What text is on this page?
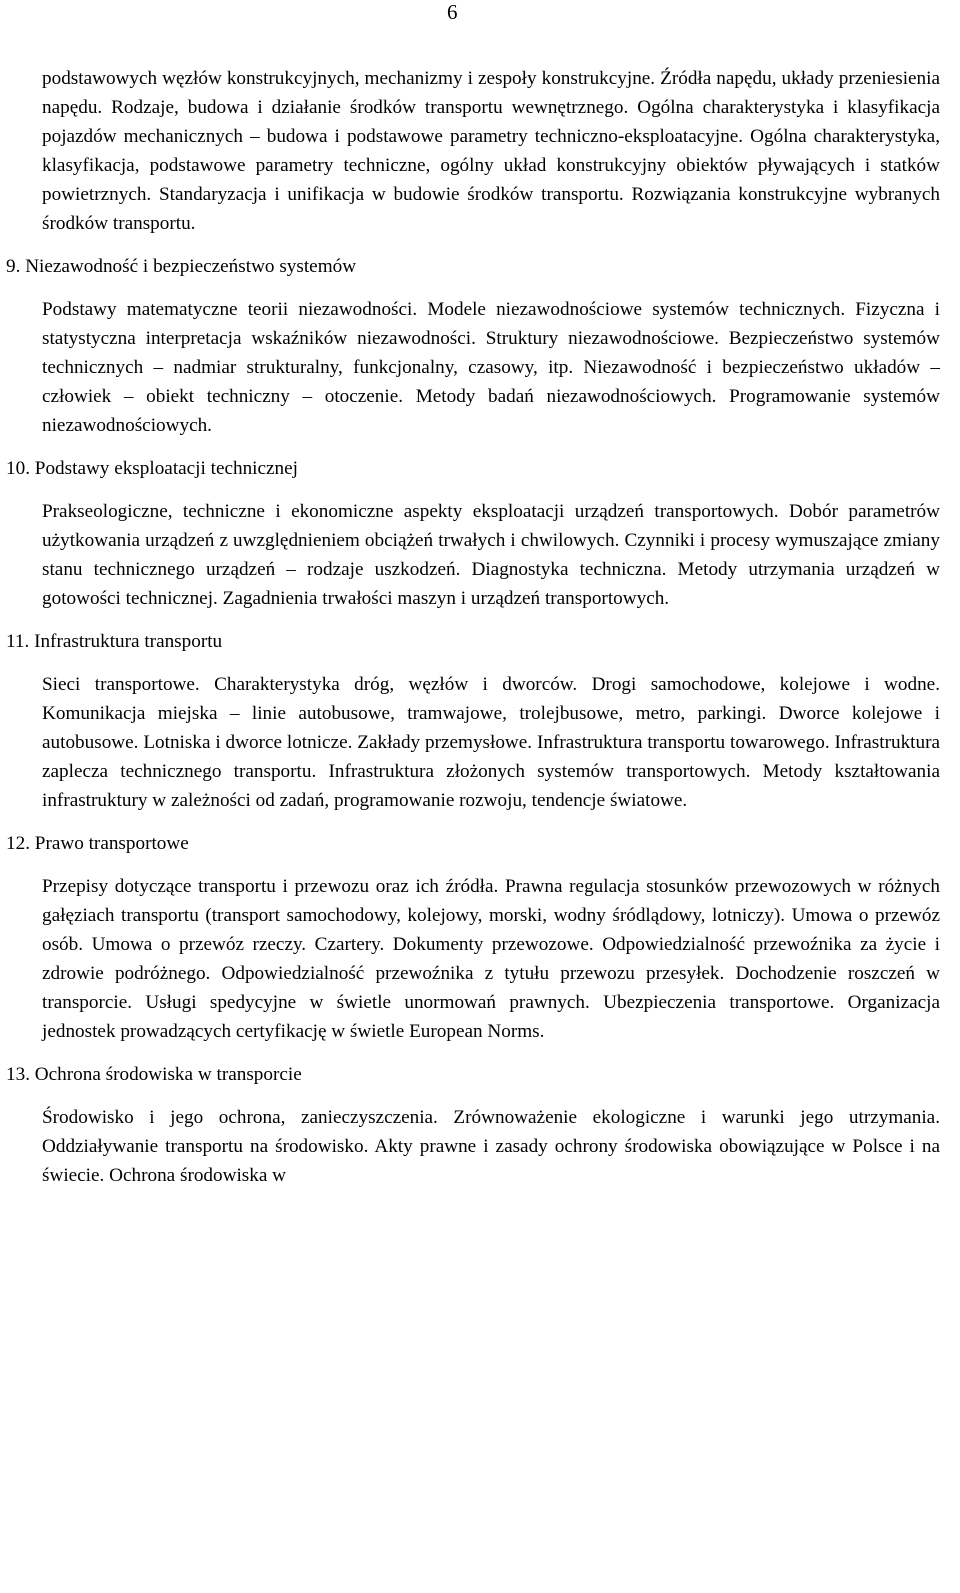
6

podstawowych węzłów konstrukcyjnych, mechanizmy i zespoły konstrukcyjne. Źródła napędu, układy przeniesienia napędu. Rodzaje, budowa i działanie środków transportu wewnętrznego. Ogólna charakterystyka i klasyfikacja pojazdów mechanicznych – budowa i podstawowe parametry techniczno-eksploatacyjne. Ogólna charakterystyka, klasyfikacja, podstawowe parametry techniczne, ogólny układ konstrukcyjny obiektów pływających i statków powietrznych. Standaryzacja i unifikacja w budowie środków transportu. Rozwiązania konstrukcyjne wybranych środków transportu.

9. Niezawodność i bezpieczeństwo systemów

Podstawy matematyczne teorii niezawodności. Modele niezawodnościowe systemów technicznych. Fizyczna i statystyczna interpretacja wskaźników niezawodności. Struktury niezawodnościowe. Bezpieczeństwo systemów technicznych – nadmiar strukturalny, funkcjonalny, czasowy, itp. Niezawodność i bezpieczeństwo układów – człowiek – obiekt techniczny – otoczenie. Metody badań niezawodnościowych. Programowanie systemów niezawodnościowych.

10. Podstawy eksploatacji technicznej

Prakseologiczne, techniczne i ekonomiczne aspekty eksploatacji urządzeń transportowych. Dobór parametrów użytkowania urządzeń z uwzględnieniem obciążeń trwałych i chwilowych. Czynniki i procesy wymuszające zmiany stanu technicznego urządzeń – rodzaje uszkodzeń. Diagnostyka techniczna. Metody utrzymania urządzeń w gotowości technicznej. Zagadnienia trwałości maszyn i urządzeń transportowych.

11. Infrastruktura transportu

Sieci transportowe. Charakterystyka dróg, węzłów i dworców. Drogi samochodowe, kolejowe i wodne. Komunikacja miejska – linie autobusowe, tramwajowe, trolejbusowe, metro, parkingi. Dworce kolejowe i autobusowe. Lotniska i dworce lotnicze. Zakłady przemysłowe. Infrastruktura transportu towarowego. Infrastruktura zaplecza technicznego transportu. Infrastruktura złożonych systemów transportowych. Metody kształtowania infrastruktury w zależności od zadań, programowanie rozwoju, tendencje światowe.

12. Prawo transportowe

Przepisy dotyczące transportu i przewozu oraz ich źródła. Prawna regulacja stosunków przewozowych w różnych gałęziach transportu (transport samochodowy, kolejowy, morski, wodny śródlądowy, lotniczy). Umowa o przewóz osób. Umowa o przewóz rzeczy. Czartery. Dokumenty przewozowe. Odpowiedzialność przewoźnika za życie i zdrowie podróżnego. Odpowiedzialność przewoźnika z tytułu przewozu przesyłek. Dochodzenie roszczeń w transporcie. Usługi spedycyjne w świetle unormowań prawnych. Ubezpieczenia transportowe. Organizacja jednostek prowadzących certyfikację w świetle European Norms.

13. Ochrona środowiska w transporcie

Środowisko i jego ochrona, zanieczyszczenia. Zrównoważenie ekologiczne i warunki jego utrzymania. Oddziaływanie transportu na środowisko. Akty prawne i zasady ochrony środowiska obowiązujące w Polsce i na świecie. Ochrona środowiska w
